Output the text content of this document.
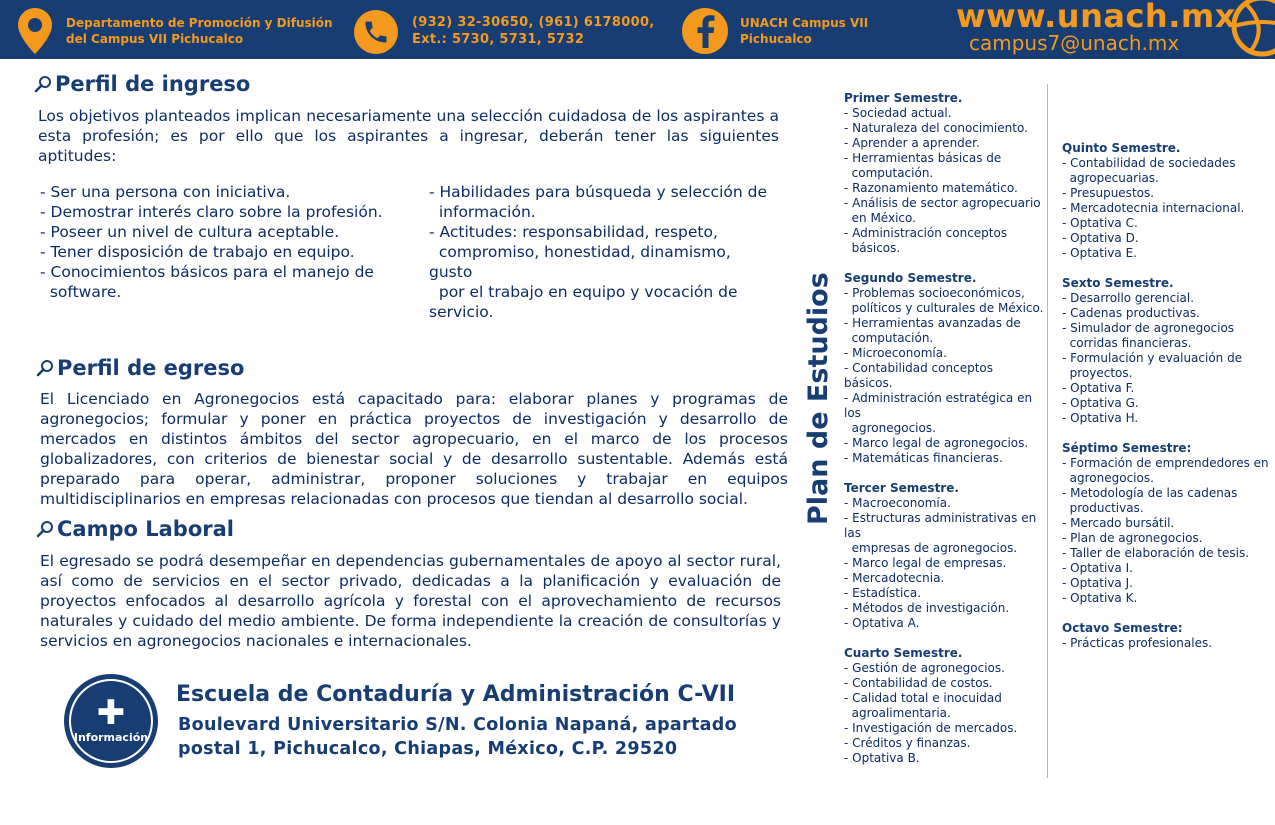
Departamento de Promoción y Difusión
del Campus VII Pichucalco
(932) 32-30650, (961) 6178000,
Ext.: 5730, 5731, 5732
UNACH Campus VII
Pichucalco
www.unach.mx
campus7@unach.mx
Perfil de ingreso
Los objetivos planteados implican necesariamente una selección cuidadosa de los aspirantes a esta profesión; es por ello que los aspirantes a ingresar, deberán tener las siguientes aptitudes:
- Ser una persona con iniciativa.
- Demostrar interés claro sobre la profesión.
- Poseer un nivel de cultura aceptable.
- Tener disposición de trabajo en equipo.
- Conocimientos básicos para el manejo de
software.
- Habilidades para búsqueda y selección de
información.
- Actitudes: responsabilidad, respeto,
compromiso, honestidad, dinamismo, gusto
por el trabajo en equipo y vocación de servicio.
Perfil de egreso
El Licenciado en Agronegocios está capacitado para: elaborar planes y programas de agronegocios; formular y poner en práctica proyectos de investigación y desarrollo de mercados en distintos ámbitos del sector agropecuario, en el marco de los procesos globalizadores, con criterios de bienestar social y de desarrollo sustentable. Además está preparado para operar, administrar, proponer soluciones y trabajar en equipos multidisciplinarios en empresas relacionadas con procesos que tiendan al desarrollo social.
Campo Laboral
El egresado se podrá desempeñar en dependencias gubernamentales de apoyo al sector rural, así como de servicios en el sector privado, dedicadas a la planificación y evaluación de proyectos enfocados al desarrollo agrícola y forestal con el aprovechamiento de recursos naturales y cuidado del medio ambiente. De forma independiente la creación de consultorías y servicios en agronegocios nacionales e internacionales.
✚
Información
Escuela de Contaduría y Administración C-VII
Boulevard Universitario S/N. Colonia Napaná, apartado
postal 1, Pichucalco, Chiapas, México, C.P. 29520
Plan de Estudios
Primer Semestre.
- Sociedad actual.
- Naturaleza del conocimiento.
- Aprender a aprender.
- Herramientas básicas de
computación.
- Razonamiento matemático.
- Análisis de sector agropecuario
en México.
- Administración conceptos
básicos.
Segundo Semestre.
- Problemas socioeconómicos,
políticos y culturales de México.
- Herramientas avanzadas de
computación.
- Microeconomía.
- Contabilidad conceptos básicos.
- Administración estratégica en los
agronegocios.
- Marco legal de agronegocios.
- Matemáticas financieras.
Tercer Semestre.
- Macroeconomía.
- Estructuras administrativas en las
empresas de agronegocios.
- Marco legal de empresas.
- Mercadotecnia.
- Estadística.
- Métodos de investigación.
- Optativa A.
Cuarto Semestre.
- Gestión de agronegocios.
- Contabilidad de costos.
- Calidad total e inocuidad
agroalimentaria.
- Investigación de mercados.
- Créditos y finanzas.
- Optativa B.
Quinto Semestre.
- Contabilidad de sociedades
agropecuarias.
- Presupuestos.
- Mercadotecnia internacional.
- Optativa C.
- Optativa D.
- Optativa E.
Sexto Semestre.
- Desarrollo gerencial.
- Cadenas productivas.
- Simulador de agronegocios
corridas financieras.
- Formulación y evaluación de
proyectos.
- Optativa F.
- Optativa G.
- Optativa H.
Séptimo Semestre:
- Formación de emprendedores en
agronegocios.
- Metodología de las cadenas
productivas.
- Mercado bursátil.
- Plan de agronegocios.
- Taller de elaboración de tesis.
- Optativa I.
- Optativa J.
- Optativa K.
Octavo Semestre:
- Prácticas profesionales.
